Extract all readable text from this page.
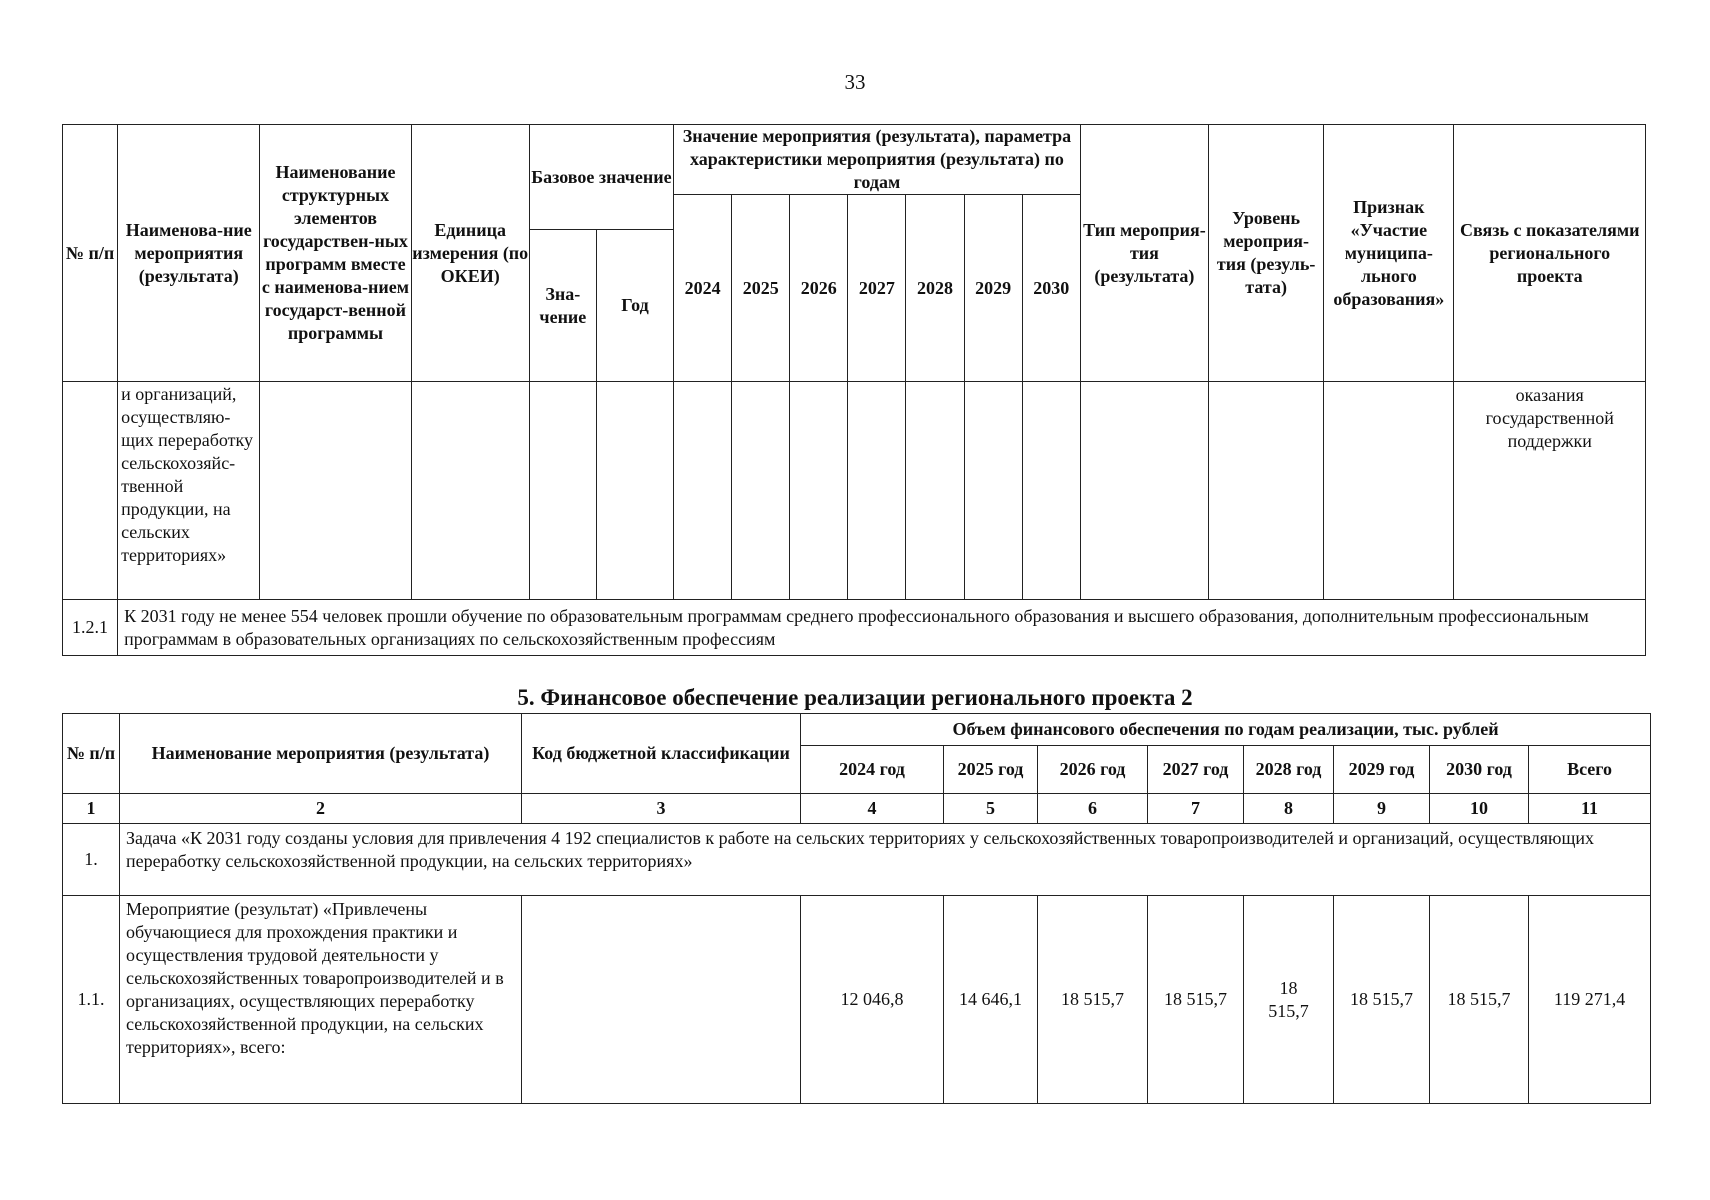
33
№ п/п	Наименова-ние мероприятия (результата)	Наименование структурных элементов государствен-ных программ вместе с наименова-нием государст-венной программы	Единица измерения (по ОКЕИ)	Базовое значение		Значение мероприятия (результата), параметра характеристики мероприятия (результата) по годам							Тип мероприя-тия (результата)	Уровень мероприя-тия (резуль-тата)	Признак «Участие муниципа-льного образования»	Связь с показателями регионального проекта
						2024	2025	2026	2027	2028	2029	2030				
				Зна-чение	Год											
	и организаций, осуществляю-щих переработку сельскохозяйс-твенной продукции, на сельских территориях»															оказания государственной поддержки
1.2.1	К 2031 году не менее 554 человек прошли обучение по образовательным программам среднего профессионального образования и высшего образования, дополнительным профессиональным программам в образовательных организациях по сельскохозяйственным профессиям															
5. Финансовое обеспечение реализации регионального проекта 2
№ п/п	Наименование мероприятия (результата)	Код бюджетной классификации	Объем финансового обеспечения по годам реализации, тыс. рублей							
			2024 год	2025 год	2026 год	2027 год	2028 год	2029 год	2030 год	Всего
1	2	3	4	5	6	7	8	9	10	11
1.	Задача «К 2031 году созданы условия для привлечения 4 192 специалистов к работе на сельских территориях у сельскохозяйственных товаропроизводителей и организаций, осуществляющих переработку сельскохозяйственной продукции, на сельских территориях»									
1.1.	Мероприятие (результат) «Привлечены обучающиеся для прохождения практики и осуществления трудовой деятельности у сельскохозяйственных товаропроизводителей и в организациях, осуществляющих переработку сельскохозяйственной продукции, на сельских территориях», всего:		12 046,8	14 646,1	18 515,7	18 515,7	18 515,7	18 515,7	18 515,7	119 271,4
